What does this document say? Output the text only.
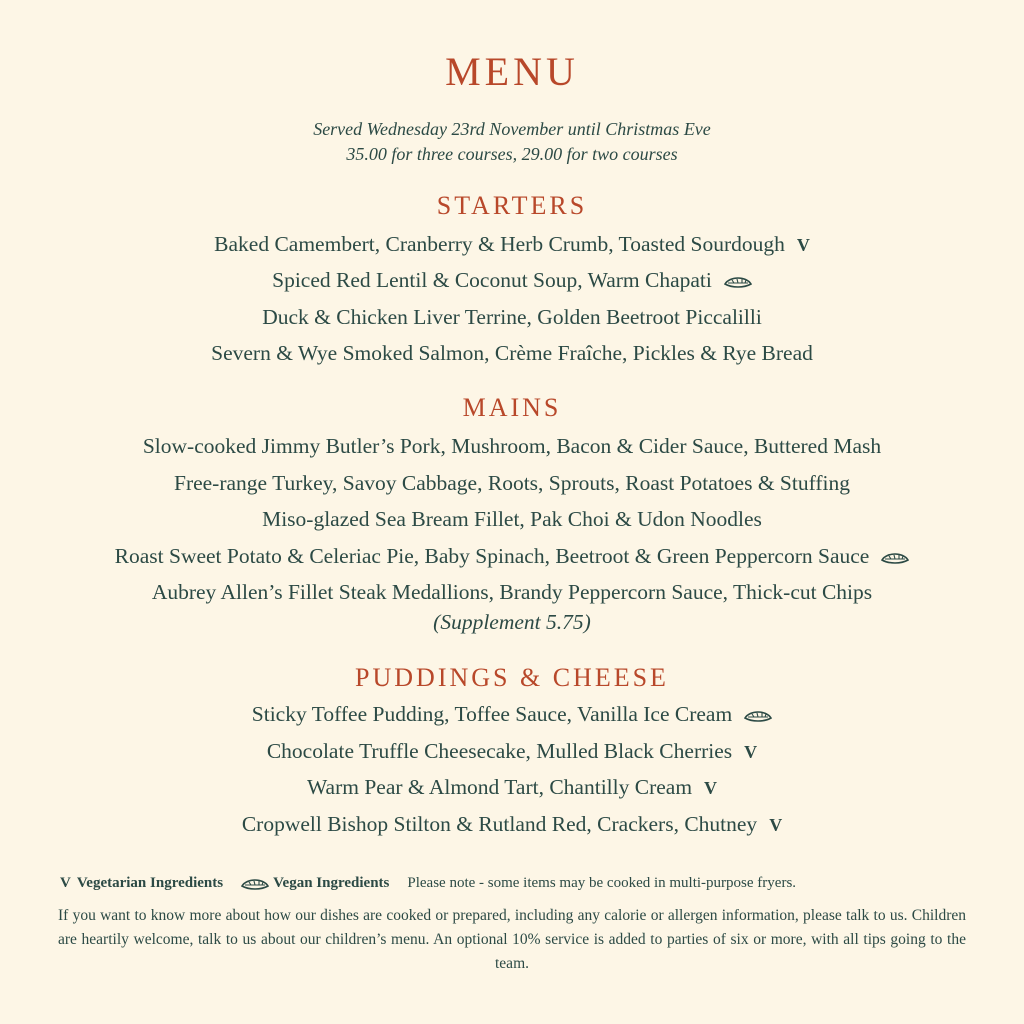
MENU
Served Wednesday 23rd November until Christmas Eve
35.00 for three courses, 29.00 for two courses
STARTERS
Baked Camembert, Cranberry & Herb Crumb, Toasted Sourdough V
Spiced Red Lentil & Coconut Soup, Warm Chapati
Duck & Chicken Liver Terrine, Golden Beetroot Piccalilli
Severn & Wye Smoked Salmon, Crème Fraîche, Pickles & Rye Bread
MAINS
Slow-cooked Jimmy Butler’s Pork, Mushroom, Bacon & Cider Sauce, Buttered Mash
Free-range Turkey, Savoy Cabbage, Roots, Sprouts, Roast Potatoes & Stuffing
Miso-glazed Sea Bream Fillet, Pak Choi & Udon Noodles
Roast Sweet Potato & Celeriac Pie, Baby Spinach, Beetroot & Green Peppercorn Sauce
Aubrey Allen’s Fillet Steak Medallions, Brandy Peppercorn Sauce, Thick-cut Chips
(Supplement 5.75)
PUDDINGS & CHEESE
Sticky Toffee Pudding, Toffee Sauce, Vanilla Ice Cream
Chocolate Truffle Cheesecake, Mulled Black Cherries V
Warm Pear & Almond Tart, Chantilly Cream V
Cropwell Bishop Stilton & Rutland Red, Crackers, Chutney V
V Vegetarian Ingredients	Vegan Ingredients Please note - some items may be cooked in multi-purpose fryers.
If you want to know more about how our dishes are cooked or prepared, including any calorie or allergen information, please talk to us. Children are heartily welcome, talk to us about our children’s menu. An optional 10% service is added to parties of six or more, with all tips going to the team.
